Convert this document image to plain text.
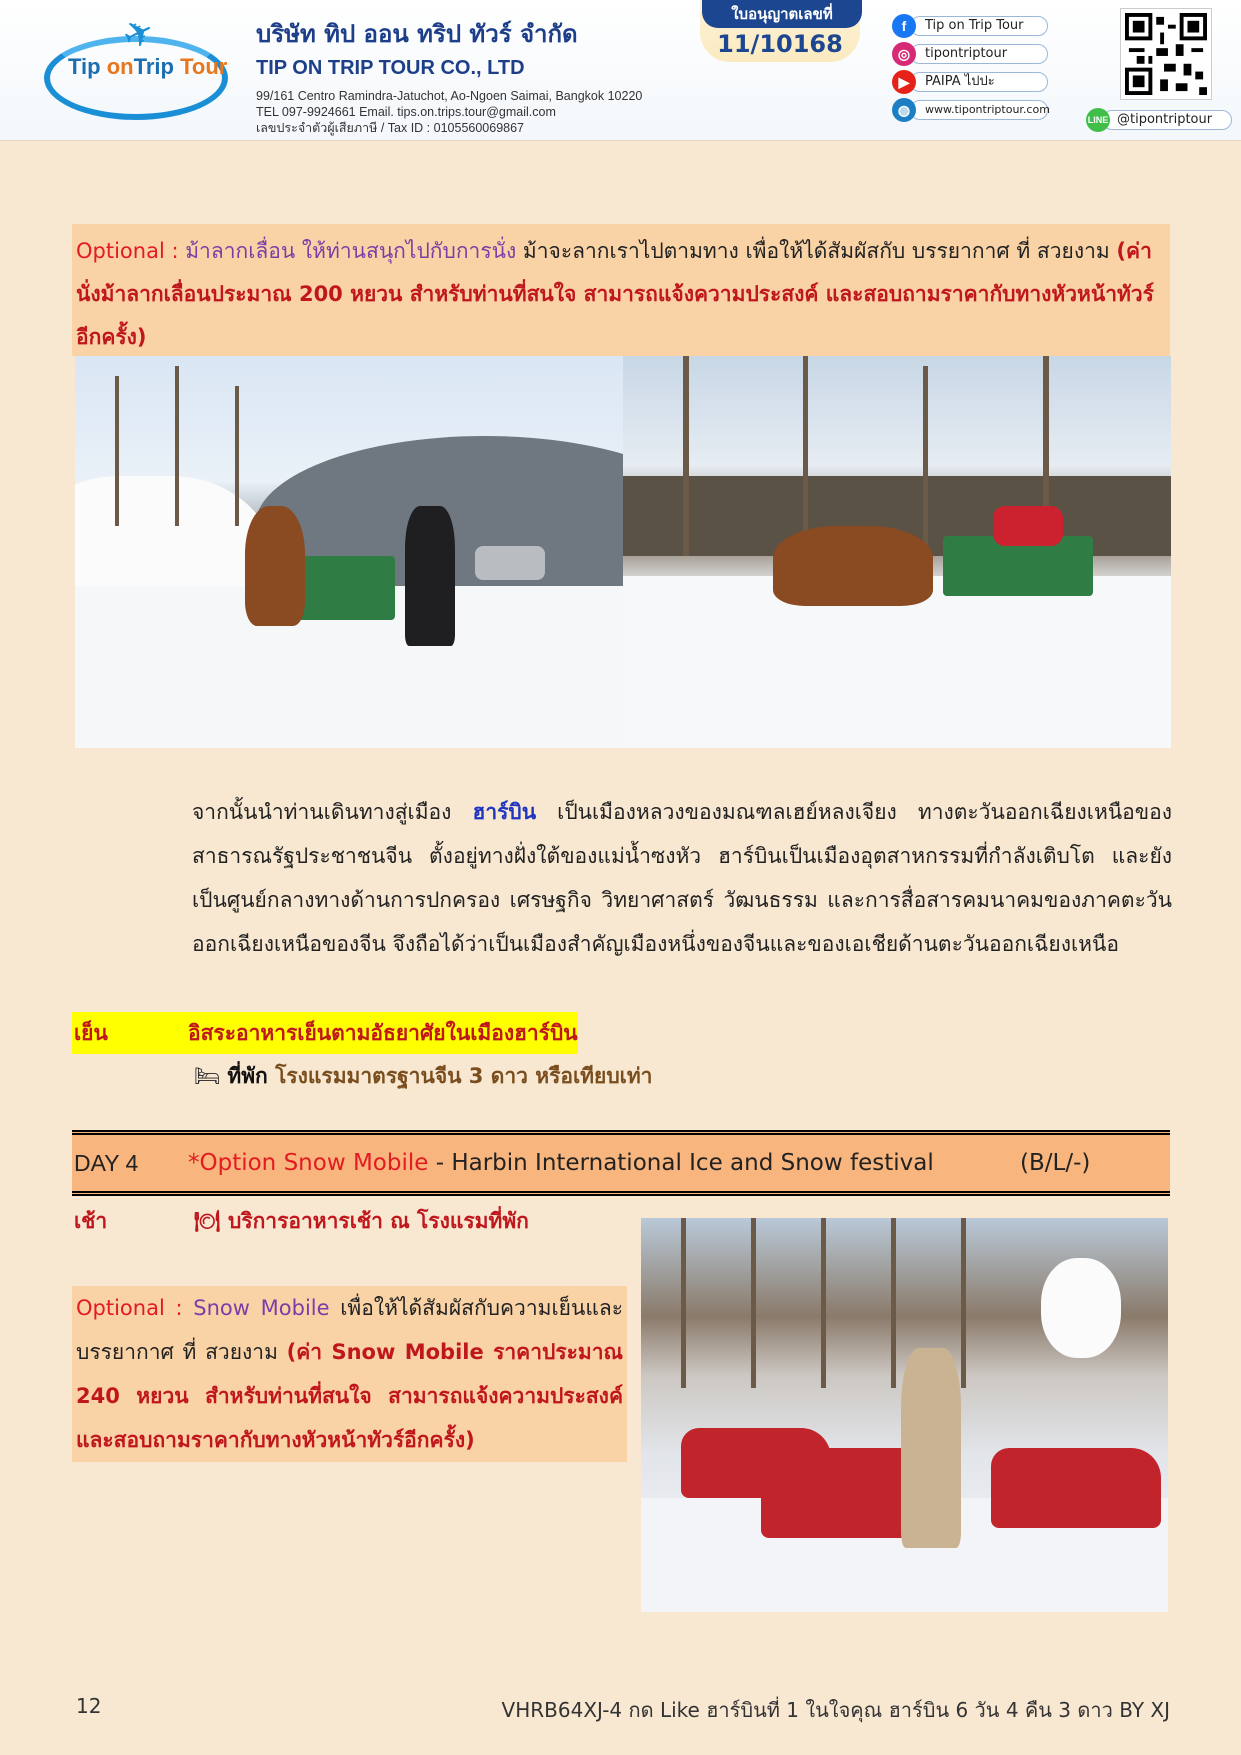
✈
Tip onTrip Tour
บริษัท ทิป ออน ทริป ทัวร์ จำกัด
TIP ON TRIP TOUR CO., LTD
99/161 Centro Ramindra-Jatuchot, Ao-Ngoen Saimai, Bangkok 10220
TEL 097-9924661 Email. tips.on.trips.tour@gmail.com
เลขประจำตัวผู้เสียภาษี / Tax ID : 0105560069867
ใบอนุญาตเลขที่
11/10168
Tip on Trip Tour
f
tipontriptour
◎
PAIPA ไปปะ
▶
www.tipontriptour.com
◍
@tipontriptour
LINE
Optional : ม้าลากเลื่อน ให้ท่านสนุกไปกับการนั่ง ม้าจะลากเราไปตามทาง เพื่อให้ได้สัมผัสกับ บรรยากาศ ที่ สวยงาม (ค่านั่งม้าลากเลื่อนประมาณ 200 หยวน สำหรับท่านที่สนใจ สามารถแจ้งความประสงค์ และสอบถามราคากับทางหัวหน้าทัวร์อีกครั้ง)
จากนั้นนำท่านเดินทางสู่เมือง ฮาร์บิน เป็นเมืองหลวงของมณฑลเฮย์หลงเจียง ทางตะวันออกเฉียงเหนือของสาธารณรัฐประชาชนจีน ตั้งอยู่ทางฝั่งใต้ของแม่น้ำซงหัว ฮาร์บินเป็นเมืองอุตสาหกรรมที่กำลังเติบโต และยังเป็นศูนย์กลางทางด้านการปกครอง เศรษฐกิจ วิทยาศาสตร์ วัฒนธรรม และการสื่อสารคมนาคมของภาคตะวันออกเฉียงเหนือของจีน จึงถือได้ว่าเป็นเมืองสำคัญเมืองหนึ่งของจีนและของเอเชียด้านตะวันออกเฉียงเหนือ
เย็น	อิสระอาหารเย็นตามอัธยาศัยในเมืองฮาร์บิน
🛏 ที่พัก โรงแรมมาตรฐานจีน 3 ดาว หรือเทียบเท่า
DAY 4 *Option Snow Mobile - Harbin International Ice and Snow festival	(B/L/-)
เช้า	🍽 บริการอาหารเช้า ณ โรงแรมที่พัก
Optional : Snow Mobile เพื่อให้ได้สัมผัสกับความเย็นและบรรยากาศ ที่ สวยงาม (ค่า Snow Mobile ราคาประมาณ 240 หยวน สำหรับท่านที่สนใจ สามารถแจ้งความประสงค์และสอบถามราคากับทางหัวหน้าทัวร์อีกครั้ง)
12	VHRB64XJ-4 กด Like ฮาร์บินที่ 1 ในใจคุณ ฮาร์บิน 6 วัน 4 คืน 3 ดาว BY XJ
